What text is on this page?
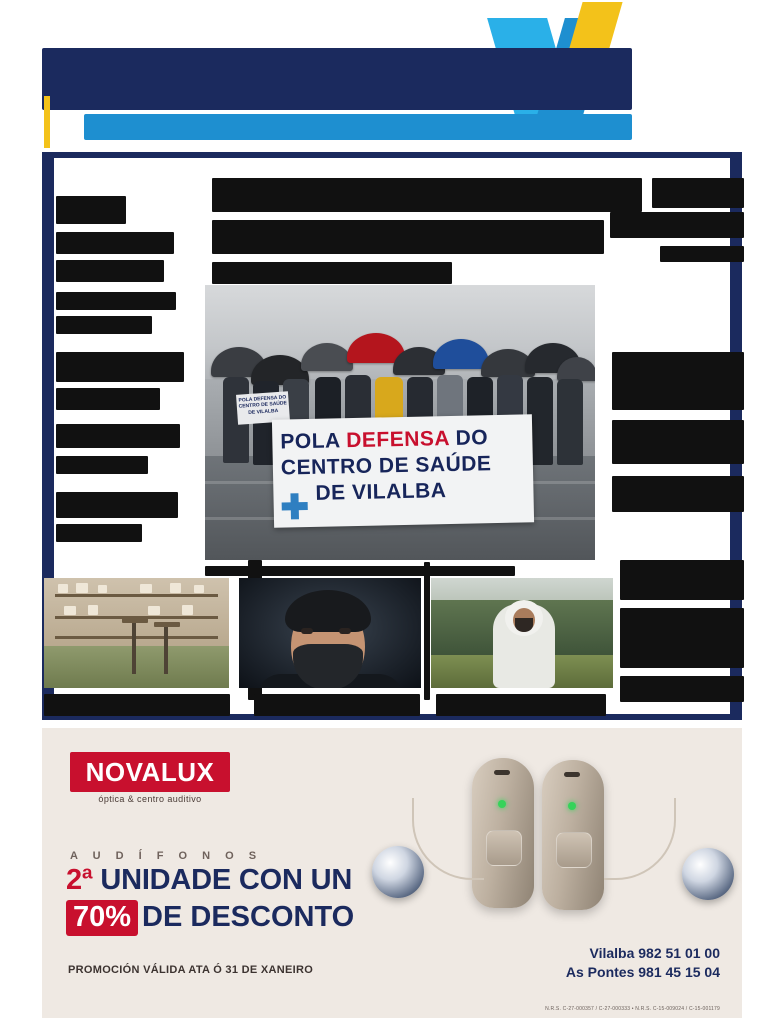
POLA DEFENSA DO CENTRO DE SAÚDE DE VILALBA
POLA DEFENSA DO
CENTRO DE SAÚDE
DE VILALBA
NOVALUX
óptica & centro auditivo
A U D Í F O N O S
2ª UNIDADE CON UN
70% DE DESCONTO
PROMOCIÓN VÁLIDA ATA Ó 31 DE XANEIRO
Vilalba 982 51 01 00
As Pontes 981 45 15 04
N.R.S. C-27-000357 / C-27-000333 • N.R.S. C-15-009024 / C-15-001179
